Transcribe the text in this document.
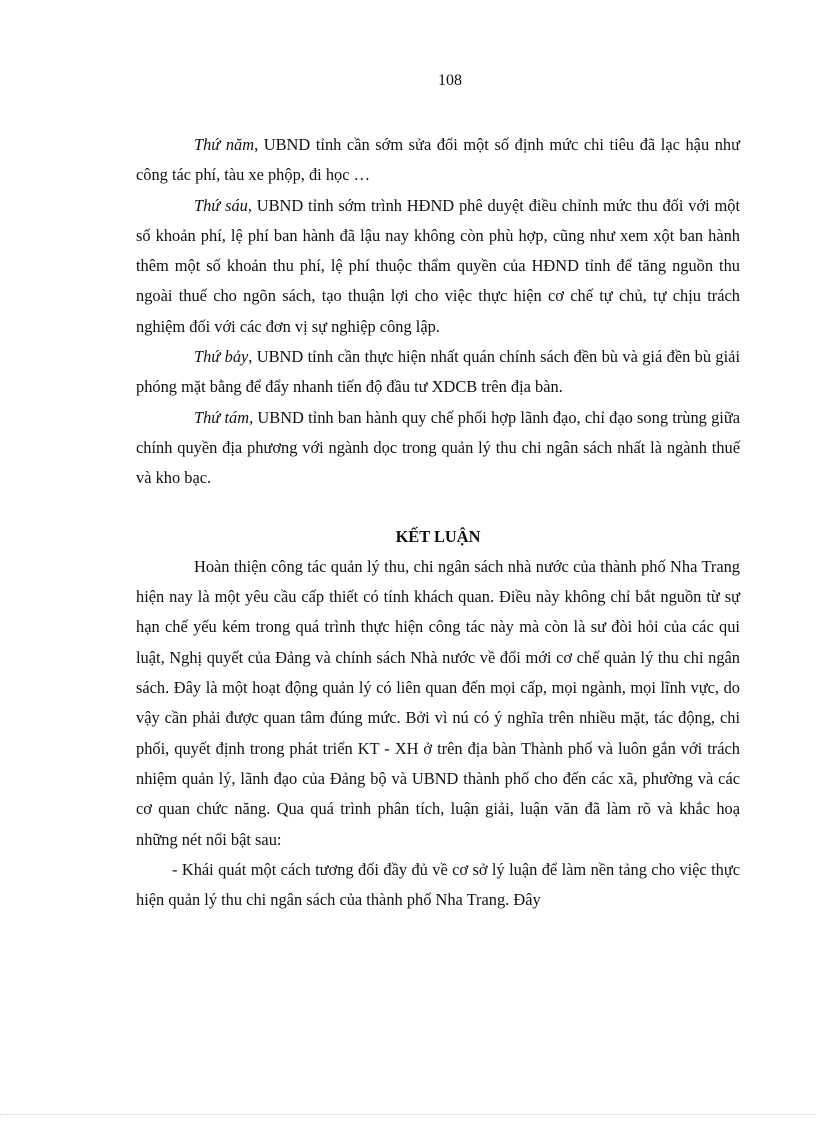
108

Thứ năm, UBND tỉnh cần sớm sửa đổi một số định mức chi tiêu đã lạc hậu như công tác phí, tàu xe phộp, đi học …

Thứ sáu, UBND tỉnh sớm trình HĐND phê duyệt điều chỉnh mức thu đối với một số khoản phí, lệ phí ban hành đã lậu nay không còn phù hợp, cũng như xem xột ban hành thêm một số khoản thu phí, lệ phí thuộc thẩm quyền của HĐND tỉnh để tăng nguồn thu ngoài thuế cho ngõn sách, tạo thuận lợi cho việc thực hiện cơ chế tự chủ, tự chịu trách nghiệm đối với các đơn vị sự nghiệp công lập.

Thứ bảy, UBND tỉnh cần thực hiện nhất quán chính sách đền bù và giá đền bù giải phóng mặt bằng để đẩy nhanh tiến độ đầu tư XDCB trên địa bàn.

Thứ tám, UBND tỉnh ban hành quy chế phối hợp lãnh đạo, chỉ đạo song trùng giữa chính quyền địa phương với ngành dọc trong quản lý thu chi ngân sách nhất là ngành thuế và kho bạc.

KẾT LUẬN

Hoàn thiện công tác quản lý thu, chi ngân sách nhà nước của thành phố Nha Trang hiện nay là một yêu cầu cấp thiết có tính khách quan. Điều này không chỉ bắt nguồn từ sự hạn chế yếu kém trong quá trình thực hiện công tác này mà còn là sư đòi hỏi của các qui luật, Nghị quyết của Đảng và chính sách Nhà nước về đổi mới cơ chế quản lý thu chi ngân sách. Đây là một hoạt động quản lý có liên quan đến mọi cấp, mọi ngành, mọi lĩnh vực, do vậy cần phải được quan tâm đúng mức. Bởi vì nú có ý nghĩa trên nhiều mặt, tác động, chi phối, quyết định trong phát triển KT - XH ở trên địa bàn Thành phố và luôn gắn với trách nhiệm quản lý, lãnh đạo của Đảng bộ và UBND thành phố cho đến các xã, phường và các cơ quan chức năng. Qua quá trình phân tích, luận giải, luận văn đã làm rõ và khắc hoạ những nét nổi bật sau:

- Khái quát một cách tương đối đầy đủ về cơ sở lý luận để làm nền tảng cho việc thực hiện quản lý thu chi ngân sách của thành phố Nha Trang. Đây
